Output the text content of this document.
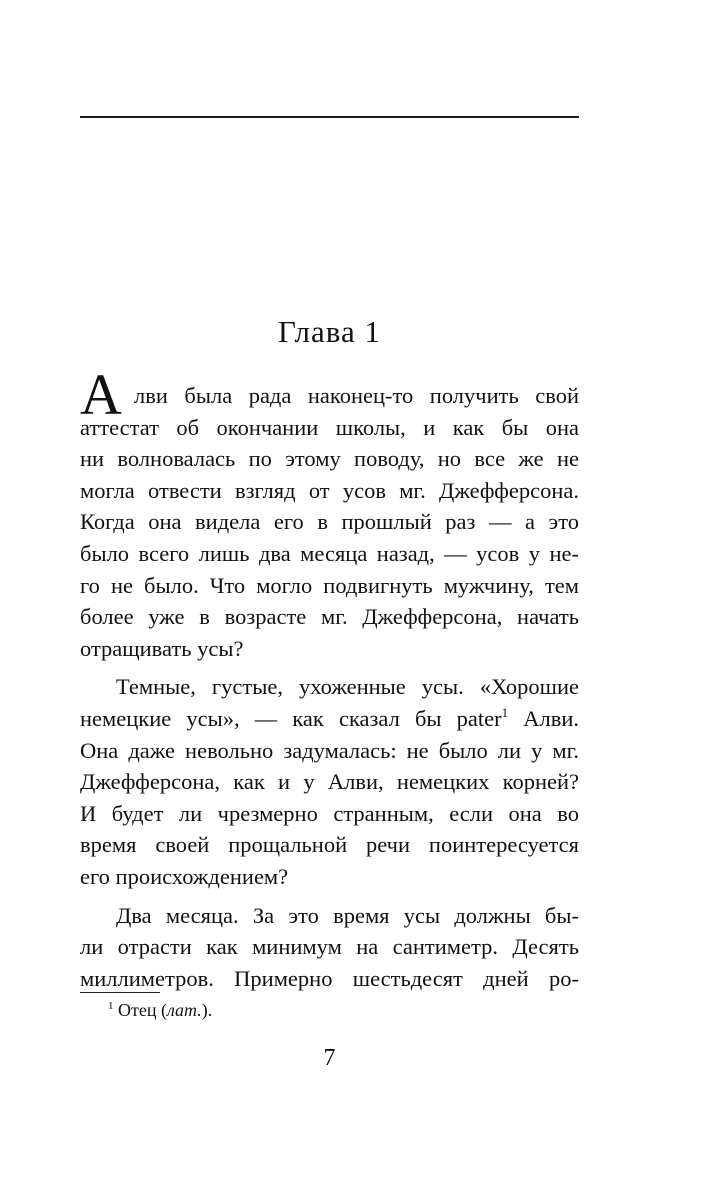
Глава 1
А лви была рада наконец-то получить свой
аттестат об окончании школы, и как бы она
ни волновалась по этому поводу, но все же не
могла отвести взгляд от усов мг. Джефферсона.
Когда она видела его в прошлый раз — а это
было всего лишь два месяца назад, — усов у не-
го не было. Что могло подвигнуть мужчину, тем
более уже в возрасте мг. Джефферсона, начать
отращивать усы?
Темные, густые, ухоженные усы. «Хорошие
немецкие усы», — как сказал бы pater$^1$ Алви.
Она даже невольно задумалась: не было ли у мг.
Джефферсона, как и у Алви, немецких корней?
И будет ли чрезмерно странным, если она во
время своей прощальной речи поинтересуется
его происхождением?
Два месяца. За это время усы должны бы-
ли отрасти как минимум на сантиметр. Десять
миллиметров. Примерно шестьдесят дней ро-
$^1$ Отец (лат.).
7
